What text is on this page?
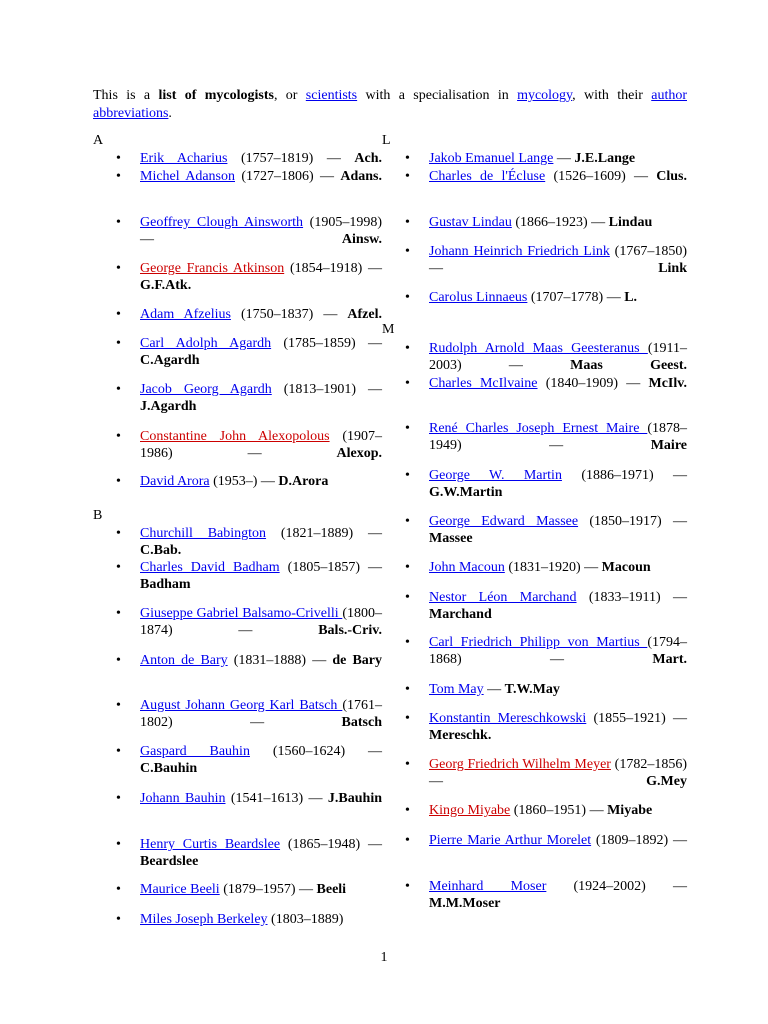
This is a list of mycologists, or scientists with a specialisation in mycology, with their author abbreviations.
A
B
L
M
• Erik Acharius (1757–1819) — Ach.
• Michel Adanson (1727–1806) — Adans.
• Geoffrey Clough Ainsworth (1905–1998) — Ainsw.
• George Francis Atkinson (1854–1918) — G.F.Atk.
• Adam Afzelius (1750–1837) — Afzel.
• Carl Adolph Agardh (1785–1859) — C.Agardh
• Jacob Georg Agardh (1813–1901) — J.Agardh
• Constantine John Alexopolous (1907–1986) — Alexop.
• David Arora (1953–) — D.Arora
• Churchill Babington (1821–1889) — C.Bab.
• Charles David Badham (1805–1857) — Badham
• Giuseppe Gabriel Balsamo-Crivelli (1800–1874) — Bals.-Criv.
• Anton de Bary (1831–1888) — de Bary
• August Johann Georg Karl Batsch (1761–1802) — Batsch
• Gaspard Bauhin (1560–1624) — C.Bauhin
• Johann Bauhin (1541–1613) — J.Bauhin
• Henry Curtis Beardslee (1865–1948) — Beardslee
• Maurice Beeli (1879–1957) — Beeli
• Miles Joseph Berkeley (1803–1889)
• Jakob Emanuel Lange — J.E.Lange
• Charles de l'Écluse (1526–1609) — Clus.
• Gustav Lindau (1866–1923) — Lindau
• Johann Heinrich Friedrich Link (1767–1850) — Link
• Carolus Linnaeus (1707–1778) — L.
• Rudolph Arnold Maas Geesteranus (1911–2003) — Maas Geest.
• Charles McIlvaine (1840–1909) — McIlv.
• René Charles Joseph Ernest Maire (1878–1949) — Maire
• George W. Martin (1886–1971) — G.W.Martin
• George Edward Massee (1850–1917) — Massee
• John Macoun (1831–1920) — Macoun
• Nestor Léon Marchand (1833–1911) — Marchand
• Carl Friedrich Philipp von Martius (1794–1868) — Mart.
• Tom May — T.W.May
• Konstantin Mereschkowski (1855–1921) — Mereschk.
• Georg Friedrich Wilhelm Meyer (1782–1856) — G.Mey
• Kingo Miyabe (1860–1951) — Miyabe
• Pierre Marie Arthur Morelet (1809–1892) —
• Meinhard Moser (1924–2002) — M.M.Moser
1
